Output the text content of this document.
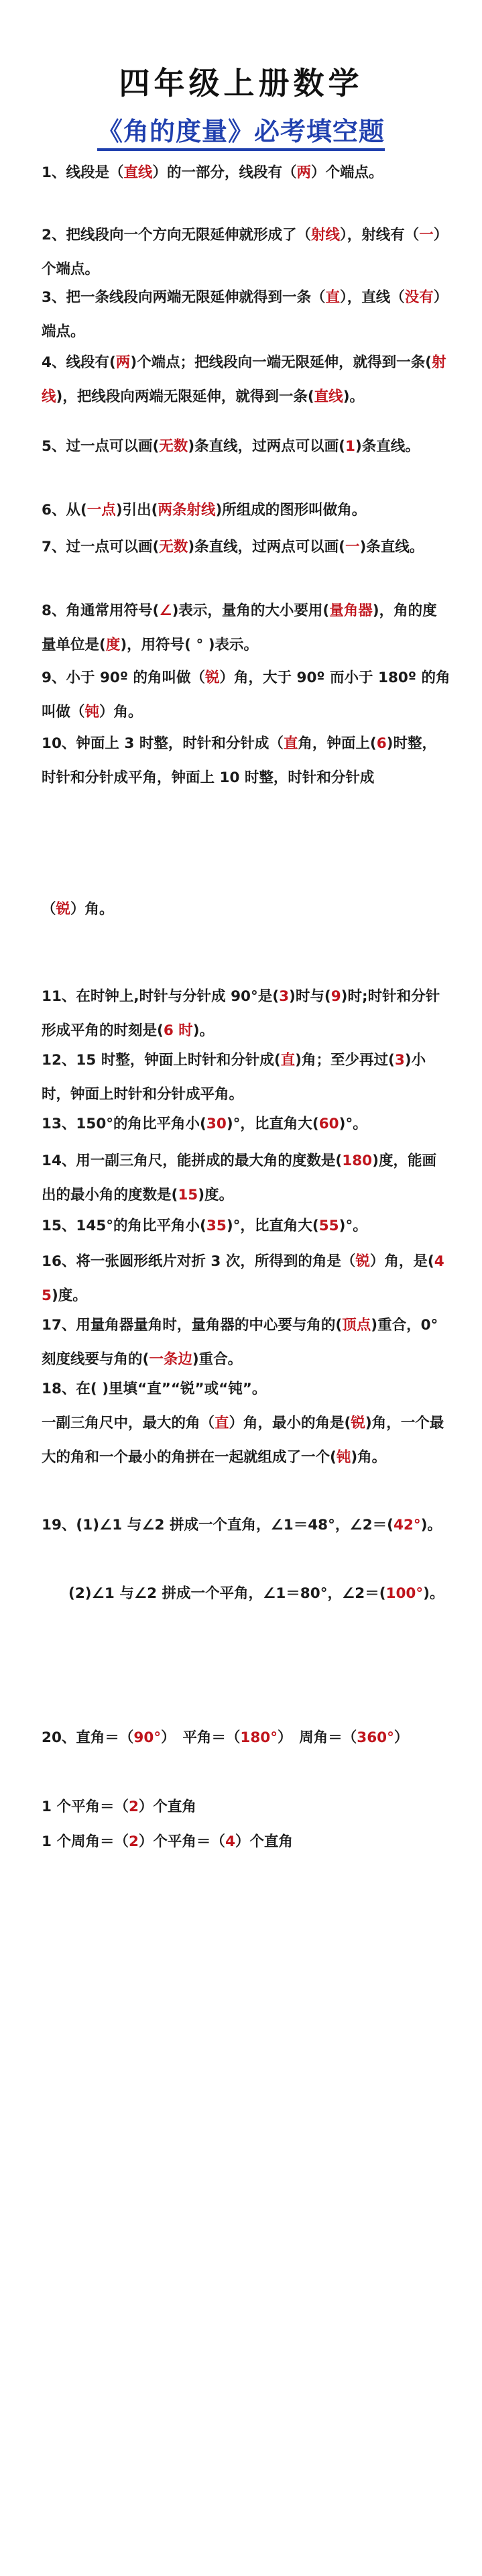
四年级上册数学
《角的度量》必考填空题
1、线段是（直线）的一部分，线段有（两）个端点。
2、把线段向一个方向无限延伸就形成了（射线），射线有（一）个端点。
3、把一条线段向两端无限延伸就得到一条（直），直线（没有）端点。
4、线段有(两)个端点；把线段向一端无限延伸，就得到一条(射线)，把线段向两端无限延伸，就得到一条(直线)。
5、过一点可以画(无数)条直线，过两点可以画(1)条直线。
6、从(一点)引出(两条射线)所组成的图形叫做角。
7、过一点可以画(无数)条直线，过两点可以画(一)条直线。
8、角通常用符号(∠)表示，量角的大小要用(量角器)，角的度量单位是(度)，用符号( ° )表示。
9、小于 90º 的角叫做（锐）角，大于 90º 而小于 180º 的角叫做（钝）角。
10、钟面上 3 时整，时针和分针成（直角，钟面上(6)时整，时针和分针成平角，钟面上 10 时整，时针和分针成
（锐）角。
11、在时钟上,时针与分针成 90°是(3)时与(9)时;时针和分针形成平角的时刻是(6 时)。
12、15 时整，钟面上时针和分针成(直)角；至少再过(3)小时，钟面上时针和分针成平角。
13、150°的角比平角小(30)°，比直角大(60)°。
14、用一副三角尺，能拼成的最大角的度数是(180)度，能画出的最小角的度数是(15)度。
15、145°的角比平角小(35)°，比直角大(55)°。
16、将一张圆形纸片对折 3 次，所得到的角是（锐）角，是(45)度。
17、用量角器量角时，量角器的中心要与角的(顶点)重合，0°刻度线要与角的(一条边)重合。
18、在( )里填“直”“锐”或“钝”。
一副三角尺中，最大的角（直）角，最小的角是(锐)角，一个最大的角和一个最小的角拼在一起就组成了一个(钝)角。
19、(1)∠1 与∠2 拼成一个直角，∠1＝48°，∠2＝(42°)。
(2)∠1 与∠2 拼成一个平角，∠1＝80°，∠2＝(100°)。
20、直角＝（90°）　平角＝（180°）　周角＝（360°）
1 个平角＝（2）个直角
1 个周角＝（2）个平角＝（4）个直角
